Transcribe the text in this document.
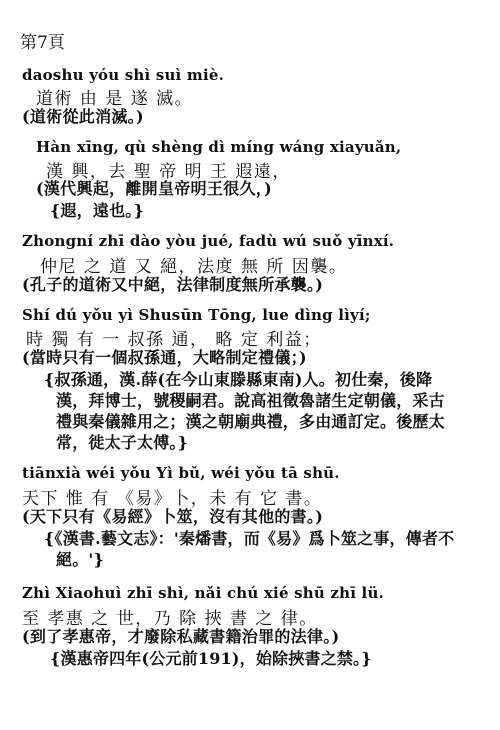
第7頁
daoshu yóu shì suì miè.
道術 由 是 遂 滅。
(道術從此消滅。)
Hàn xīng, qù shèng dì míng wáng xiayuǎn,
漢 興，去 聖 帝 明 王 遐遠，
(漢代興起，離開皇帝明王很久，)
{遐，遠也。}
Zhongní zhī dào yòu jué, fadù wú suǒ yīnxí.
仲尼 之 道 又 絕，法度 無 所 因襲。
(孔子的道術又中絕，法律制度無所承襲。)
Shí dú yǒu yì Shusūn Tōng, lue dìng lìyí;
時 獨 有 一 叔孫 通， 略 定 利益；
(當時只有一個叔孫通，大略制定禮儀；)
{叔孫通，漢.薛(在今山東滕縣東南)人。初仕秦，後降
漢，拜博士，號稷嗣君。說高祖徵魯諸生定朝儀，采古
禮與秦儀雜用之；漢之朝廟典禮，多由通訂定。後歷太
常，徙太子太傅。}
tiānxià wéi yǒu Yì bǔ, wéi yǒu tā shū.
天下 惟 有 《易》卜，未 有 它 書。
(天下只有《易經》卜筮，沒有其他的書。)
{《漢書.藝文志》：'秦燔書，而《易》爲卜筮之事，傳者不
絕。'}
Zhì Xiaohuì zhī shì, nǎi chú xié shū zhī lü.
至 孝惠 之 世，乃 除 挾 書 之 律。
(到了孝惠帝，才廢除私藏書籍治罪的法律。)
{漢惠帝四年(公元前191)，始除挾書之禁。}
